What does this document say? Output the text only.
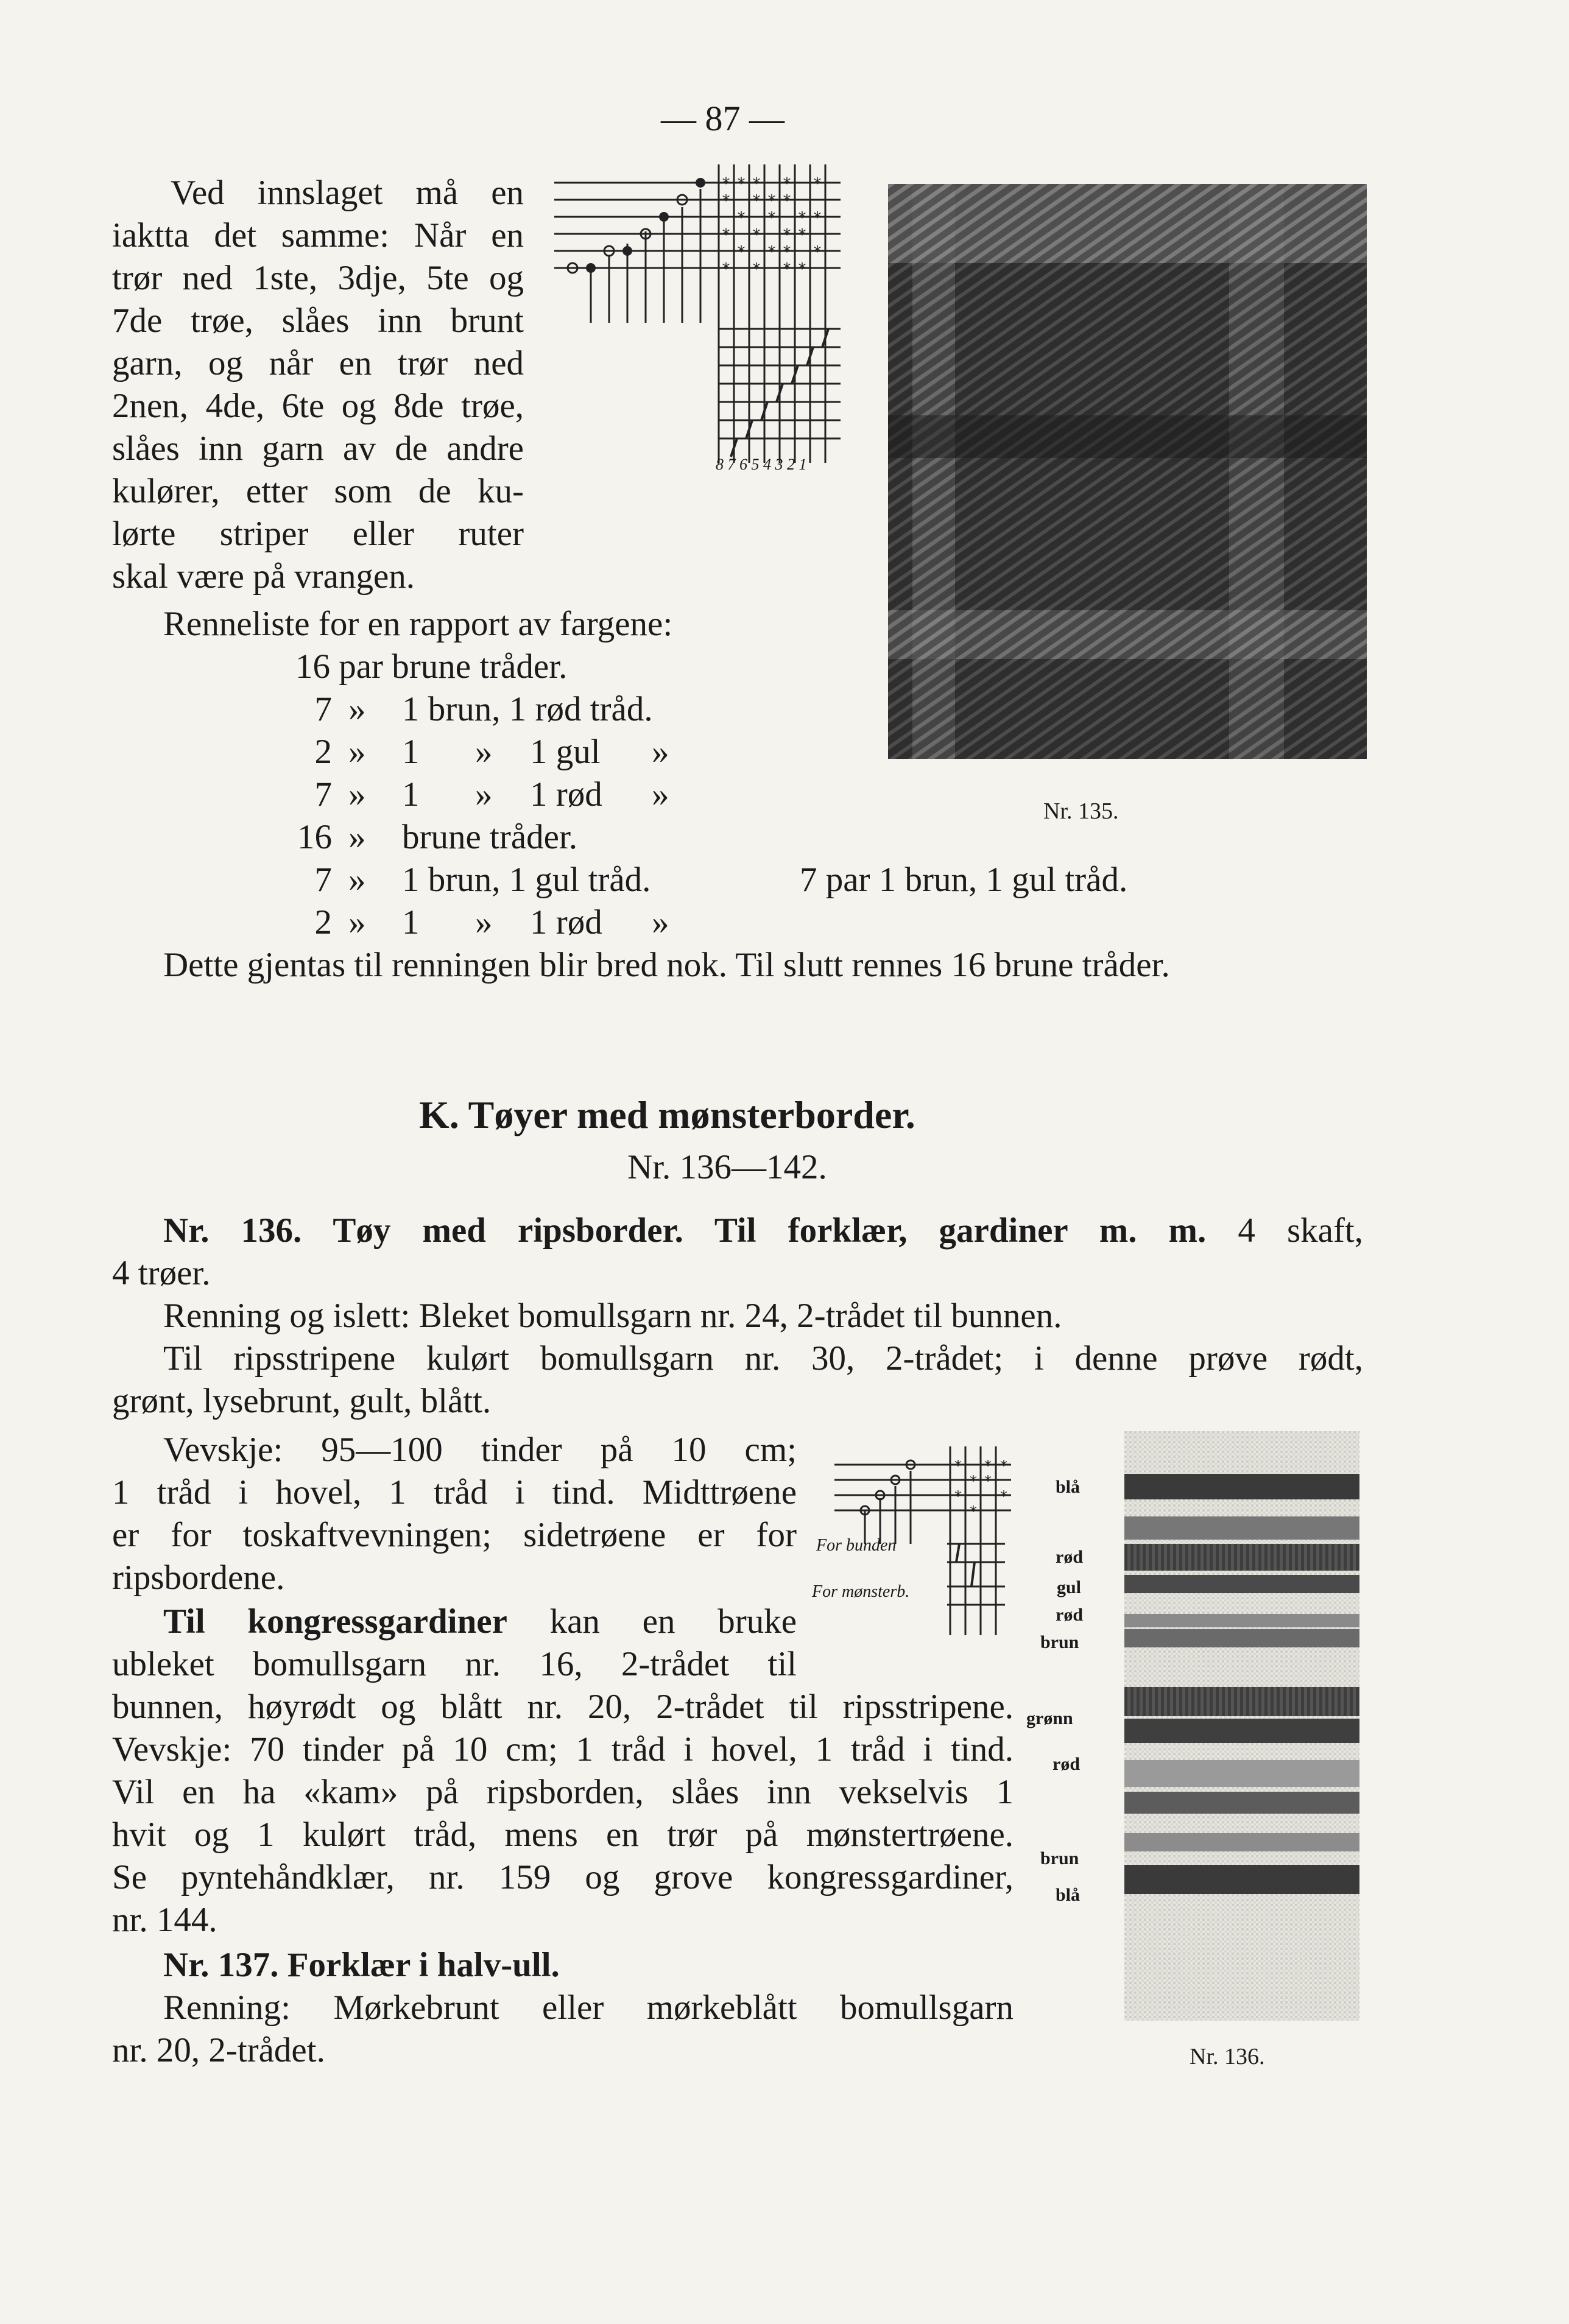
— 87 —
Ved innslaget må en
iaktta det samme: Når en
trør ned 1ste, 3dje, 5te og
7de trøe, slåes inn brunt
garn, og når en trør ned
2nen, 4de, 6te og 8de trøe,
slåes inn garn av de andre
kulører, etter som de ku-
lørte striper eller ruter
skal være på vrangen.
* * * * *
* * * *
* * * *
* * * *
* * * *
* * * *
8 7 6 5 4 3 2 1
Nr. 135.
Renneliste for en rapport av fargene:
16 par brune tråder.
7 » 1 brun, 1 rød tråd.
2 » 1 » 1 gul »
7 » 1 » 1 rød »
16 » brune tråder.
7 » 1 brun, 1 gul tråd.
2 » 1 » 1 rød »
7 par 1 brun, 1 gul tråd.
Dette gjentas til renningen blir bred nok. Til slutt rennes 16 brune tråder.
K. Tøyer med mønsterborder.
Nr. 136—142.
Nr. 136. Tøy med ripsborder. Til forklær, gardiner m. m. 4 skaft,
4 trøer.
Renning og islett: Bleket bomullsgarn nr. 24, 2-trådet til bunnen.
Til ripsstripene kulørt bomullsgarn nr. 30, 2-trådet; i denne prøve rødt,
grønt, lysebrunt, gult, blått.
Vevskje: 95—100 tinder på 10 cm;
1 tråd i hovel, 1 tråd i tind. Midttrøene
er for toskaftvevningen; sidetrøene er for
ripsbordene.
* * *
* *
*	*
*
For bunden
For mønsterb.
Til kongressgardiner kan en bruke
ubleket bomullsgarn nr. 16, 2-trådet til
bunnen, høyrødt og blått nr. 20, 2-trådet til ripsstripene.
Vevskje: 70 tinder på 10 cm; 1 tråd i hovel, 1 tråd i tind.
Vil en ha «kam» på ripsborden, slåes inn vekselvis 1
hvit og 1 kulørt tråd, mens en trør på mønstertrøene.
Se pyntehåndklær, nr. 159 og grove kongressgardiner,
nr. 144.
Nr. 137. Forklær i halv-ull.
Renning: Mørkebrunt eller mørkeblått bomullsgarn
nr. 20, 2-trådet.
blå
rød
gul
rød
brun
grønn
rød
brun
blå
Nr. 136.
